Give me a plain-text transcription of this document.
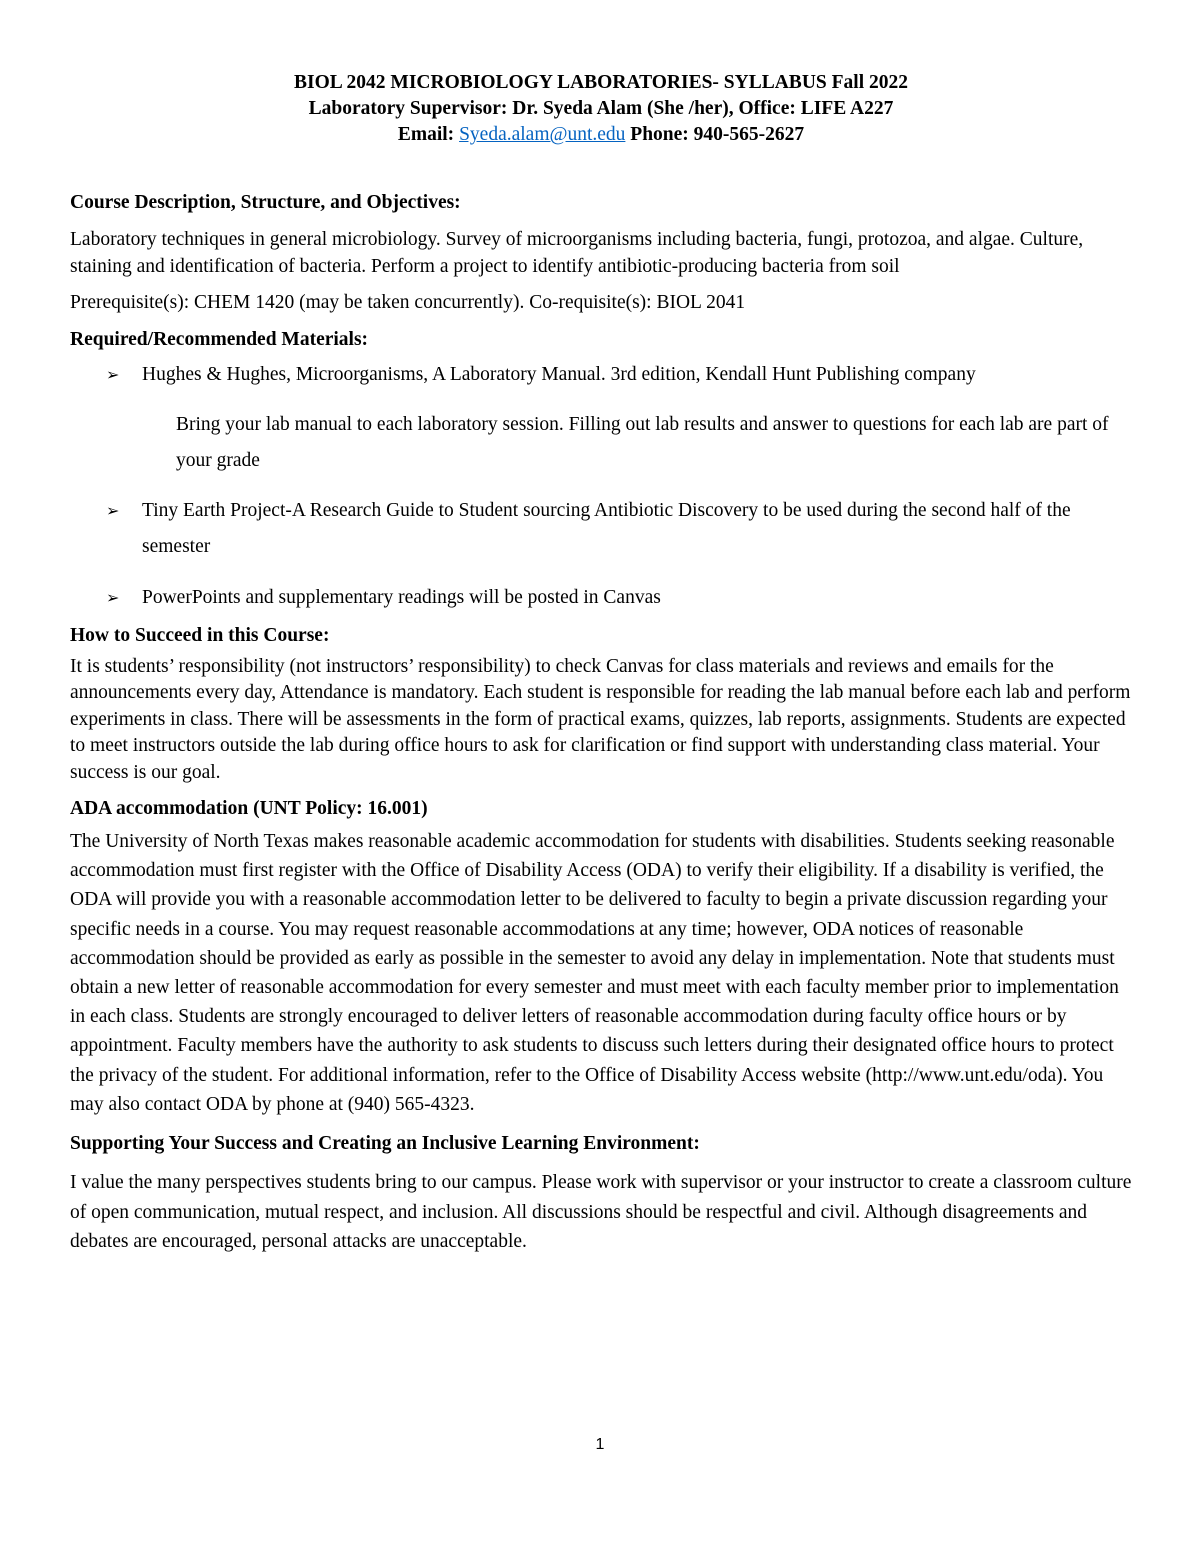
BIOL 2042 MICROBIOLOGY LABORATORIES- SYLLABUS Fall 2022
Laboratory Supervisor: Dr. Syeda Alam (She /her), Office: LIFE A227
Email: Syeda.alam@unt.edu Phone: 940-565-2627
Course Description, Structure, and Objectives:

Laboratory techniques in general microbiology. Survey of microorganisms including bacteria, fungi, protozoa, and algae. Culture, staining and identification of bacteria. Perform a project to identify antibiotic-producing bacteria from soil

Prerequisite(s): CHEM 1420 (may be taken concurrently). Co-requisite(s): BIOL 2041

Required/Recommended Materials:
➢	Hughes & Hughes, Microorganisms, A Laboratory Manual. 3rd edition, Kendall Hunt Publishing company

Bring your lab manual to each laboratory session. Filling out lab results and answer to questions for each lab are part of your grade

➢	Tiny Earth Project-A Research Guide to Student sourcing Antibiotic Discovery to be used during the second half of the semester
➢	PowerPoints and supplementary readings will be posted in Canvas
How to Succeed in this Course:

It is students’ responsibility (not instructors’ responsibility) to check Canvas for class materials and reviews and emails for the announcements every day, Attendance is mandatory. Each student is responsible for reading the lab manual before each lab and perform experiments in class. There will be assessments in the form of practical exams, quizzes, lab reports, assignments. Students are expected to meet instructors outside the lab during office hours to ask for clarification or find support with understanding class material. Your success is our goal.

ADA accommodation (UNT Policy: 16.001)

The University of North Texas makes reasonable academic accommodation for students with disabilities. Students seeking reasonable accommodation must first register with the Office of Disability Access (ODA) to verify their eligibility. If a disability is verified, the ODA will provide you with a reasonable accommodation letter to be delivered to faculty to begin a private discussion regarding your specific needs in a course. You may request reasonable accommodations at any time; however, ODA notices of reasonable accommodation should be provided as early as possible in the semester to avoid any delay in implementation. Note that students must obtain a new letter of reasonable accommodation for every semester and must meet with each faculty member prior to implementation in each class. Students are strongly encouraged to deliver letters of reasonable accommodation during faculty office hours or by appointment. Faculty members have the authority to ask students to discuss such letters during their designated office hours to protect the privacy of the student. For additional information, refer to the Office of Disability Access website (http://www.unt.edu/oda). You may also contact ODA by phone at (940) 565-4323.

Supporting Your Success and Creating an Inclusive Learning Environment:

I value the many perspectives students bring to our campus. Please work with supervisor or your instructor to create a classroom culture of open communication, mutual respect, and inclusion. All discussions should be respectful and civil. Although disagreements and debates are encouraged, personal attacks are unacceptable.

1
